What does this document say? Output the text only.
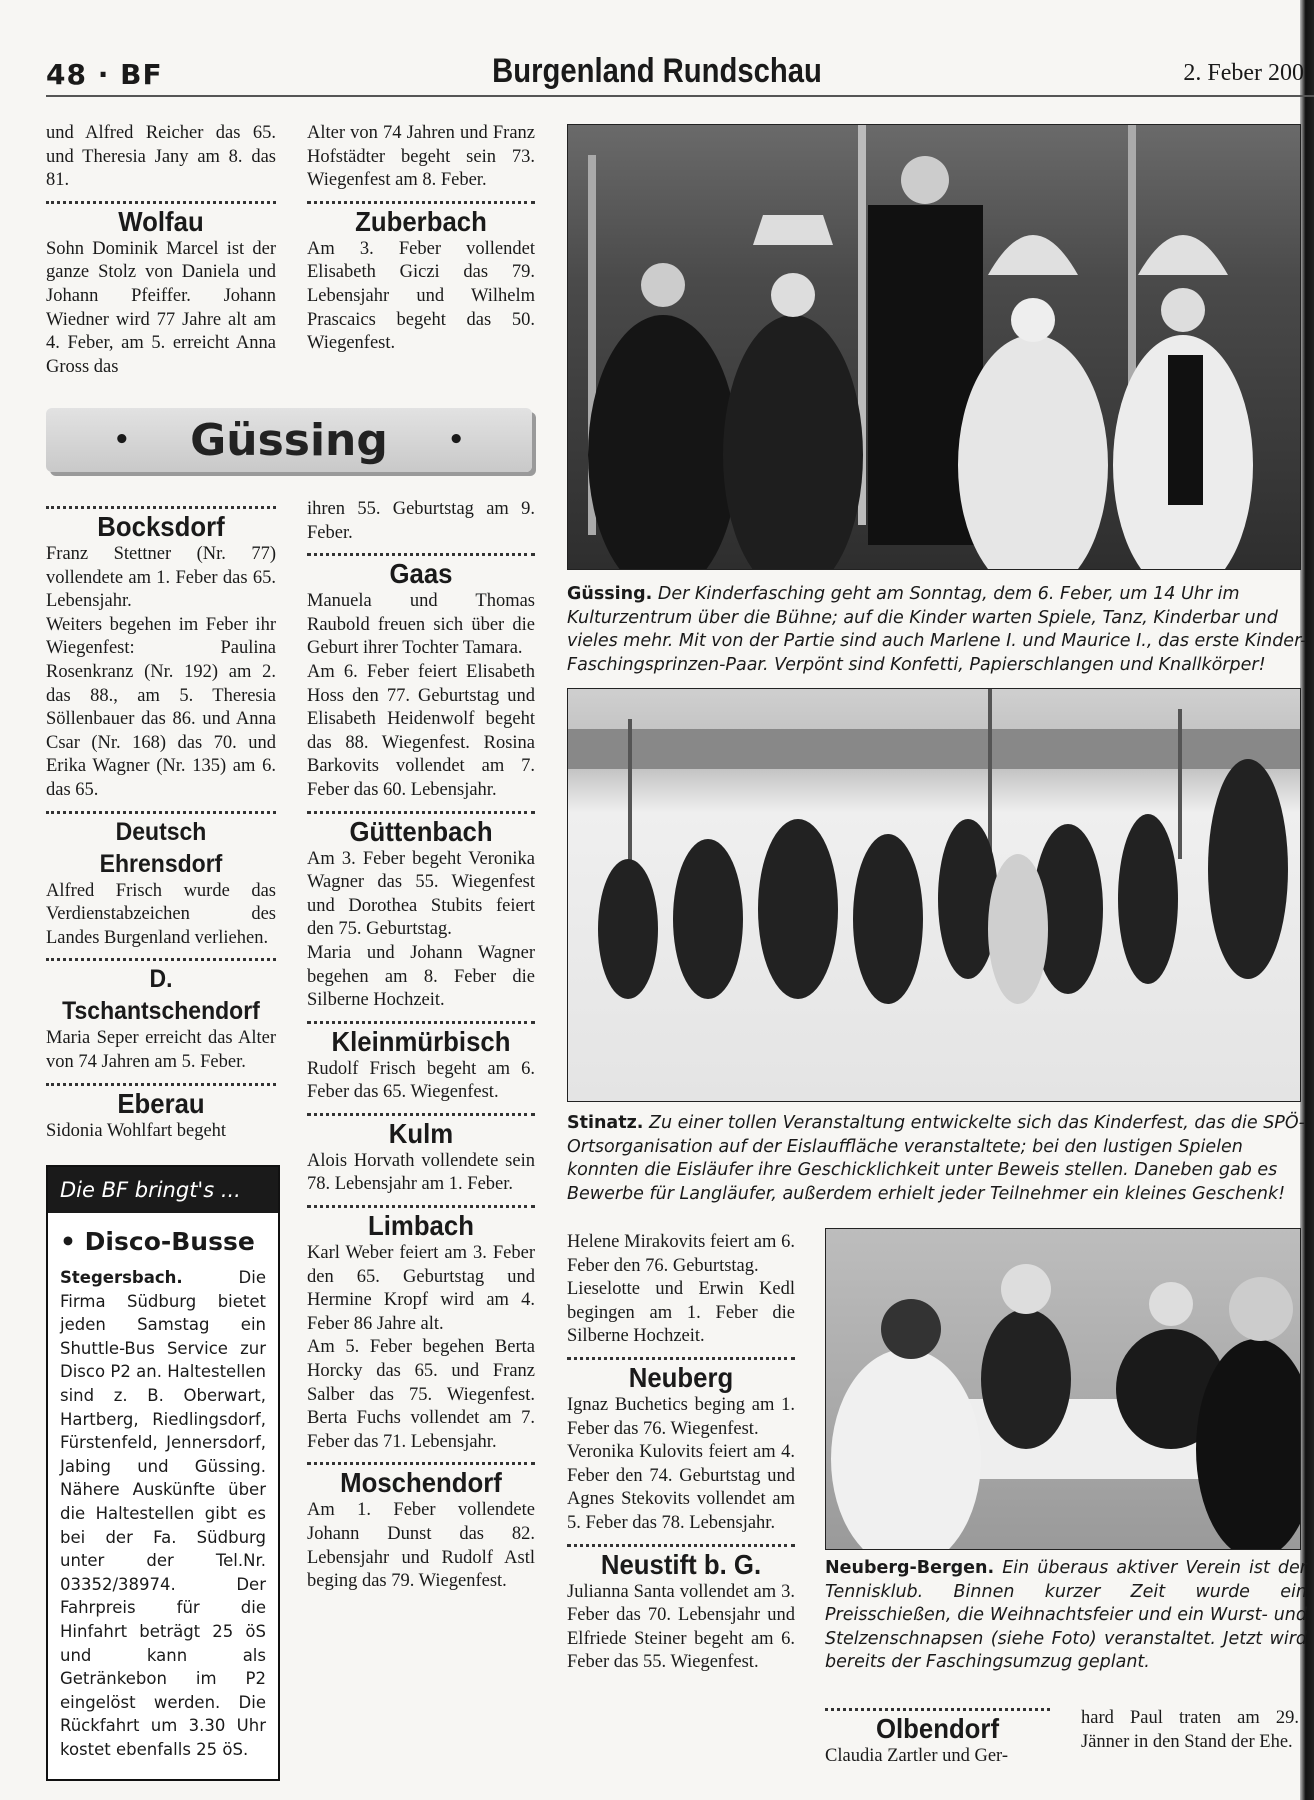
48 · BF	Burgenland Rundschau	2. Feber 200

und Alfred Reicher das 65. und Theresia Jany am 8. das 81.

Wolfau

Sohn Dominik Marcel ist der ganze Stolz von Daniela und Johann Pfeiffer. Johann Wiedner wird 77 Jahre alt am 4. Feber, am 5. erreicht Anna Gross das

Alter von 74 Jahren und Franz Hofstädter begeht sein 73. Wiegenfest am 8. Feber.

Zuberbach

Am 3. Feber vollendet Elisabeth Giczi das 79. Lebensjahr und Wilhelm Prascaics begeht das 50. Wiegenfest.

• Güssing •
Bocksdorf

Franz Stettner (Nr. 77) vollendete am 1. Feber das 65. Lebensjahr.

Weiters begehen im Feber ihr Wiegenfest: Paulina Rosenkranz (Nr. 192) am 2. das 88., am 5. Theresia Söllenbauer das 86. und Anna Csar (Nr. 168) das 70. und Erika Wagner (Nr. 135) am 6. das 65.

Deutsch Ehrensdorf

Alfred Frisch wurde das Verdienstabzeichen des Landes Burgenland verliehen.

D. Tschantschendorf

Maria Seper erreicht das Alter von 74 Jahren am 5. Feber.

Eberau

Sidonia Wohlfart begeht

ihren 55. Geburtstag am 9. Feber.

Gaas

Manuela und Thomas Raubold freuen sich über die Geburt ihrer Tochter Tamara.

Am 6. Feber feiert Elisabeth Hoss den 77. Geburtstag und Elisabeth Heidenwolf begeht das 88. Wiegenfest. Rosina Barkovits vollendet am 7. Feber das 60. Lebensjahr.

Güttenbach

Am 3. Feber begeht Veronika Wagner das 55. Wiegenfest und Dorothea Stubits feiert den 75. Geburtstag.

Maria und Johann Wagner begehen am 8. Feber die Silberne Hochzeit.

Kleinmürbisch

Rudolf Frisch begeht am 6. Feber das 65. Wiegenfest.

Kulm

Alois Horvath vollendete sein 78. Lebensjahr am 1. Feber.

Limbach

Karl Weber feiert am 3. Feber den 65. Geburtstag und Hermine Kropf wird am 4. Feber 86 Jahre alt.

Am 5. Feber begehen Berta Horcky das 65. und Franz Salber das 75. Wiegenfest. Berta Fuchs vollendet am 7. Feber das 71. Lebensjahr.

Moschendorf

Am 1. Feber vollendete Johann Dunst das 82. Lebensjahr und Rudolf Astl beging das 79. Wiegenfest.

Helene Mirakovits feiert am 6. Feber den 76. Geburtstag.

Lieselotte und Erwin Kedl begingen am 1. Feber die Silberne Hochzeit.

Neuberg

Ignaz Buchetics beging am 1. Feber das 76. Wiegenfest.

Veronika Kulovits feiert am 4. Feber den 74. Geburtstag und Agnes Stekovits vollendet am 5. Feber das 78. Lebensjahr.

Neustift b. G.

Julianna Santa vollendet am 3. Feber das 70. Lebensjahr und Elfriede Steiner begeht am 6. Feber das 55. Wiegenfest.

Güssing. Der Kinderfasching geht am Sonntag, dem 6. Feber, um 14 Uhr im Kulturzentrum über die Bühne; auf die Kinder warten Spiele, Tanz, Kinderbar und vieles mehr. Mit von der Partie sind auch Marlene I. und Maurice I., das erste Kinder-Faschingsprinzen-Paar. Verpönt sind Konfetti, Papierschlangen und Knallkörper!
Stinatz. Zu einer tollen Veranstaltung entwickelte sich das Kinderfest, das die SPÖ-Ortsorganisation auf der Eislauffläche veranstaltete; bei den lustigen Spielen konnten die Eisläufer ihre Geschicklichkeit unter Beweis stellen. Daneben gab es Bewerbe für Langläufer, außerdem erhielt jeder Teilnehmer ein kleines Geschenk!
Neuberg-Bergen. Ein überaus aktiver Verein ist der Tennisklub. Binnen kurzer Zeit wurde ein Preisschießen, die Weihnachtsfeier und ein Wurst- und Stelzenschnapsen (siehe Foto) veranstaltet. Jetzt wird bereits der Faschingsumzug geplant.
Olbendorf

Claudia Zartler und Ger-

hard Paul traten am 29. Jänner in den Stand der Ehe.

Die BF bringt's ...
• Disco-Busse
Stegersbach.	Die Firma Südburg bietet jeden Samstag ein Shuttle-Bus Service zur Disco P2 an. Haltestellen sind z. B. Oberwart, Hartberg, Riedlingsdorf, Fürstenfeld, Jennersdorf, Jabing und Güssing. Nähere Auskünfte über die Haltestellen gibt es bei der Fa. Südburg unter der Tel.Nr. 03352/38974. Der Fahrpreis für die Hinfahrt beträgt 25 öS und kann als Getränkebon im P2 eingelöst werden. Die Rückfahrt um 3.30 Uhr kostet ebenfalls 25 öS.
